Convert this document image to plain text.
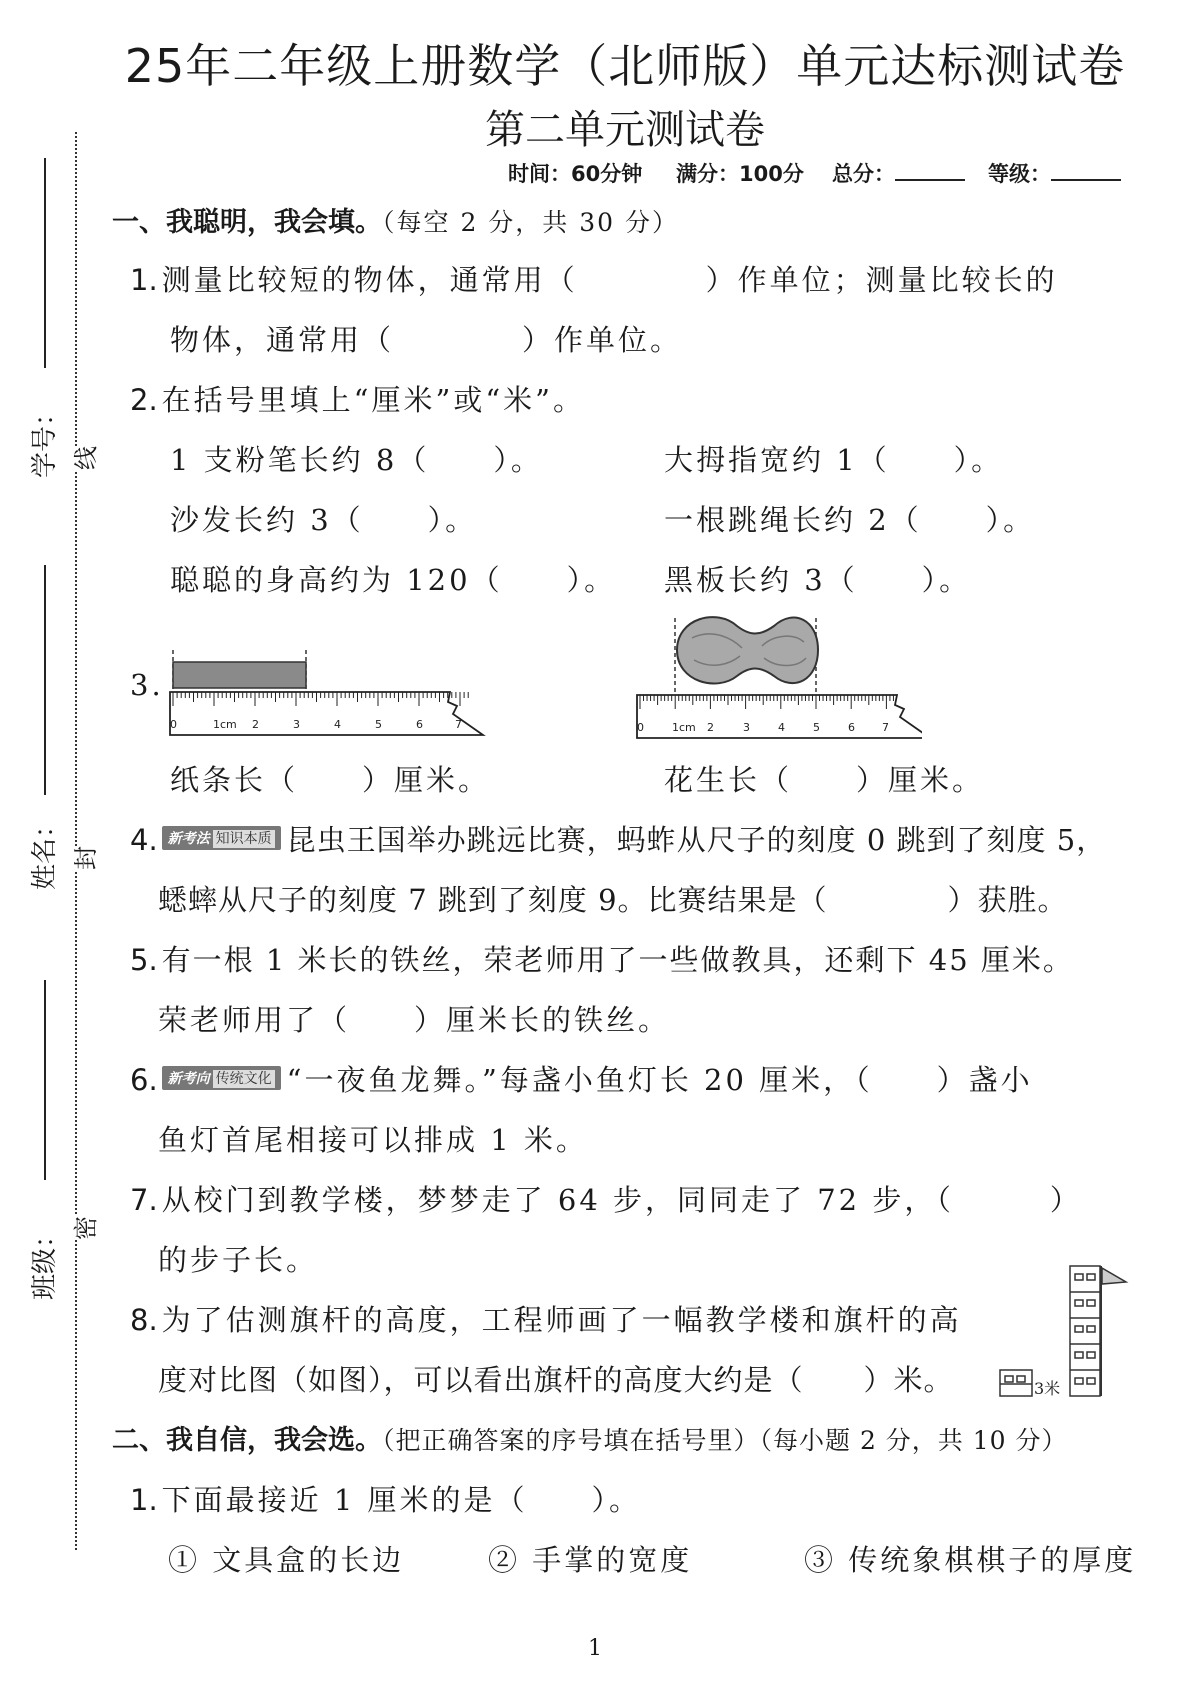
25年二年级上册数学（北师版）单元达标测试卷
第二单元测试卷
时间：60分钟 满分：100分 总分：	等级：
学号：
姓名：
班级：
线
封
密
一、我聪明，我会填。（每空 2 分，共 30 分）
1. 测量比较短的物体，通常用（　　　　）作单位；测量比较长的
物体，通常用（　　　　）作单位。
2. 在括号里填上“厘米”或“米”。
1 支粉笔长约 8（　　）。	大拇指宽约 1（　　）。
沙发长约 3（　　）。	一根跳绳长约 2（　　）。
聪聪的身高约为 120（　　）。 黑板长约 3（　　）。
3.
0	1cm 2	3	4	5	6	7	0	1cm 2	3	4	5	6 7
纸条长（　　）厘米。	花生长（　　）厘米。
4. 新考法 知识本质 昆虫王国举办跳远比赛，蚂蚱从尺子的刻度 0 跳到了刻度 5，
蟋蟀从尺子的刻度 7 跳到了刻度 9。比赛结果是（　　　　）获胜。
5. 有一根 1 米长的铁丝，荣老师用了一些做教具，还剩下 45 厘米。
荣老师用了（　　）厘米长的铁丝。
6. 新考向 传统文化 “一夜鱼龙舞。”每盏小鱼灯长 20 厘米，（　　）盏小
鱼灯首尾相接可以排成 1 米。
7. 从校门到教学楼，梦梦走了 64 步，同同走了 72 步，（　　　）
的步子长。
8. 为了估测旗杆的高度，工程师画了一幅教学楼和旗杆的高
度对比图（如图），可以看出旗杆的高度大约是（　　）米。	3米
二、我自信，我会选。（把正确答案的序号填在括号里）（每小题 2 分，共 10 分）
1. 下面最接近 1 厘米的是（　　）。
① 文具盒的长边	② 手掌的宽度	③ 传统象棋棋子的厚度
1
